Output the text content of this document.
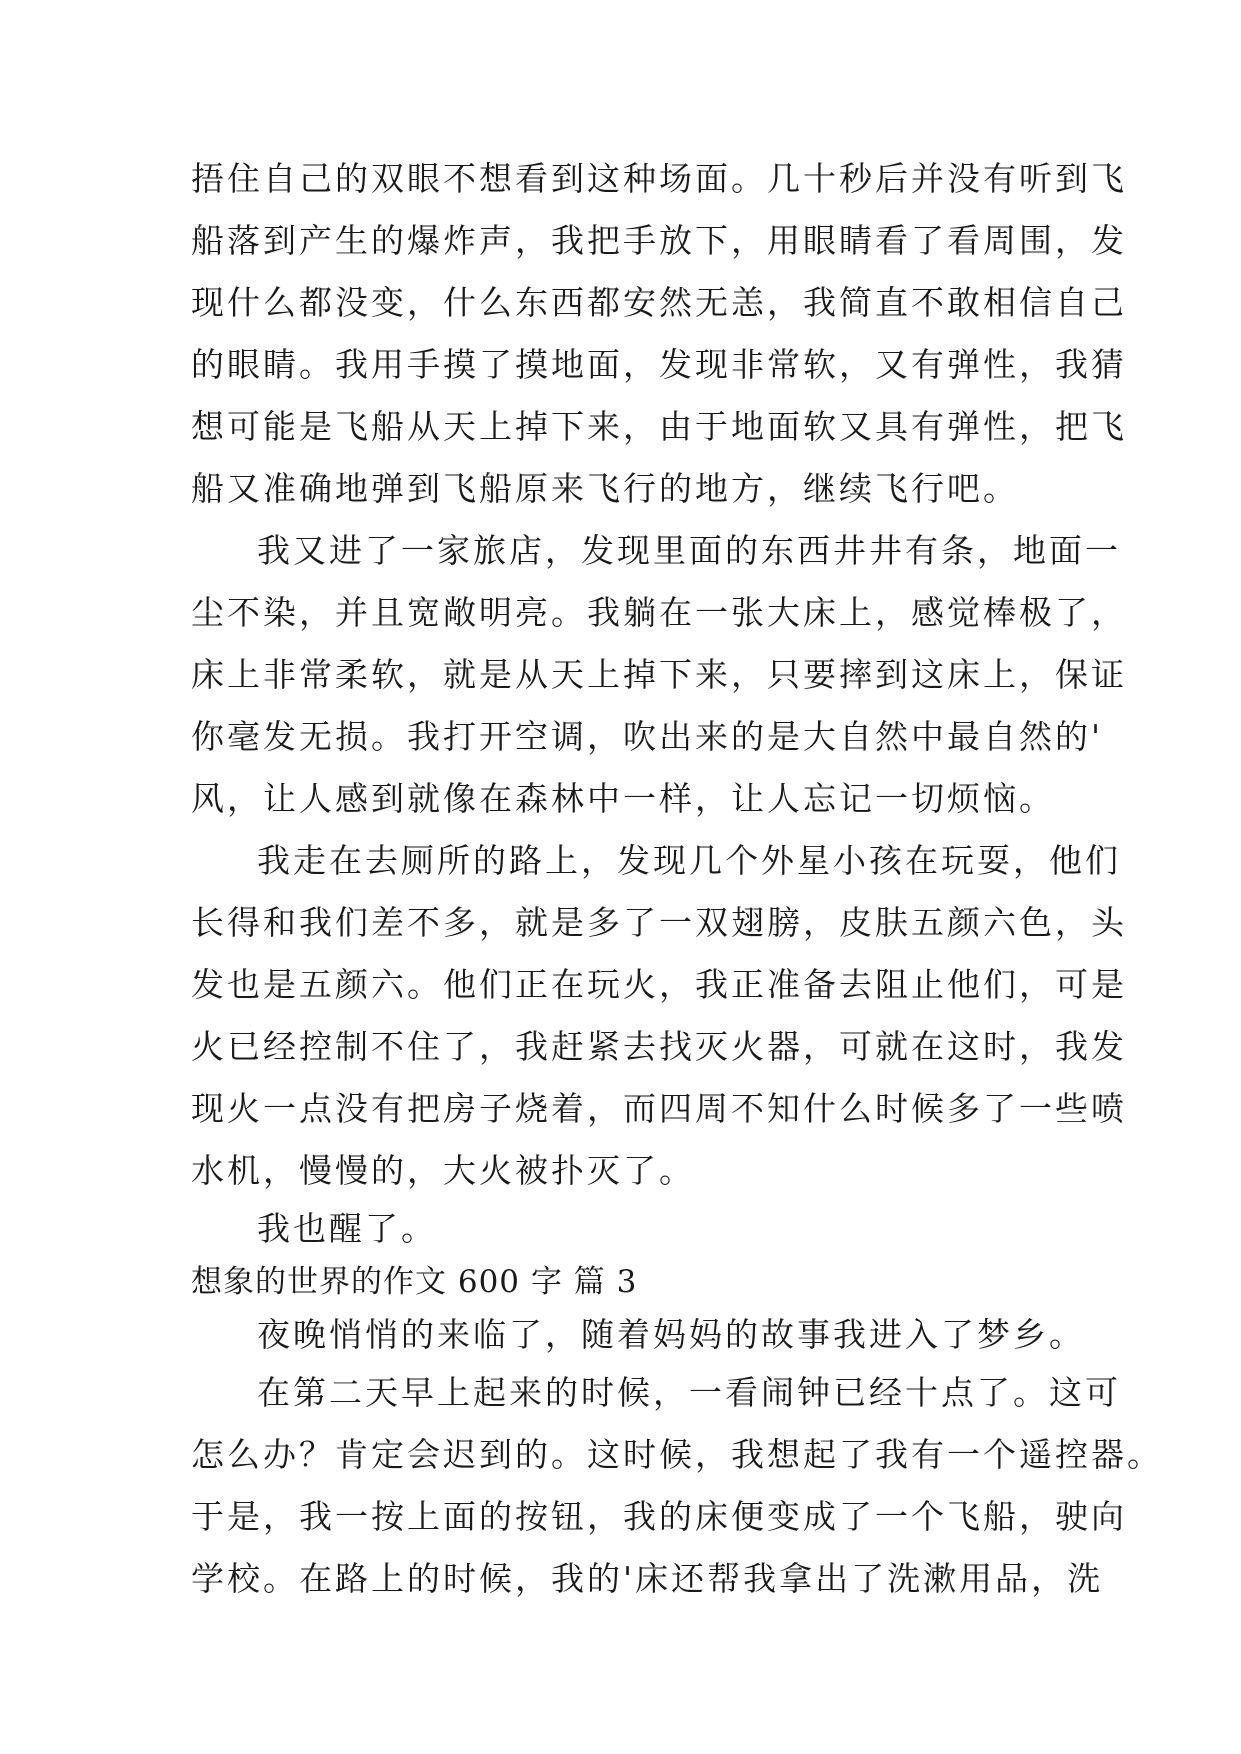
捂住自己的双眼不想看到这种场面。几十秒后并没有听到飞
船落到产生的爆炸声，我把手放下，用眼睛看了看周围，发
现什么都没变，什么东西都安然无恙，我简直不敢相信自己
的眼睛。我用手摸了摸地面，发现非常软，又有弹性，我猜
想可能是飞船从天上掉下来，由于地面软又具有弹性，把飞
船又准确地弹到飞船原来飞行的地方，继续飞行吧。
我又进了一家旅店，发现里面的东西井井有条，地面一
尘不染，并且宽敞明亮。我躺在一张大床上，感觉棒极了，
床上非常柔软，就是从天上掉下来，只要摔到这床上，保证
你毫发无损。我打开空调，吹出来的是大自然中最自然的'
风，让人感到就像在森林中一样，让人忘记一切烦恼。
我走在去厕所的路上，发现几个外星小孩在玩耍，他们
长得和我们差不多，就是多了一双翅膀，皮肤五颜六色，头
发也是五颜六。他们正在玩火，我正准备去阻止他们，可是
火已经控制不住了，我赶紧去找灭火器，可就在这时，我发
现火一点没有把房子烧着，而四周不知什么时候多了一些喷
水机，慢慢的，大火被扑灭了。
我也醒了。
想象的世界的作文 600 字 篇 3
夜晚悄悄的来临了，随着妈妈的故事我进入了梦乡。
在第二天早上起来的时候，一看闹钟已经十点了。这可
怎么办？肯定会迟到的。这时候，我想起了我有一个遥控器。
于是，我一按上面的按钮，我的床便变成了一个飞船，驶向
学校。在路上的时候，我的'床还帮我拿出了洗漱用品，洗
